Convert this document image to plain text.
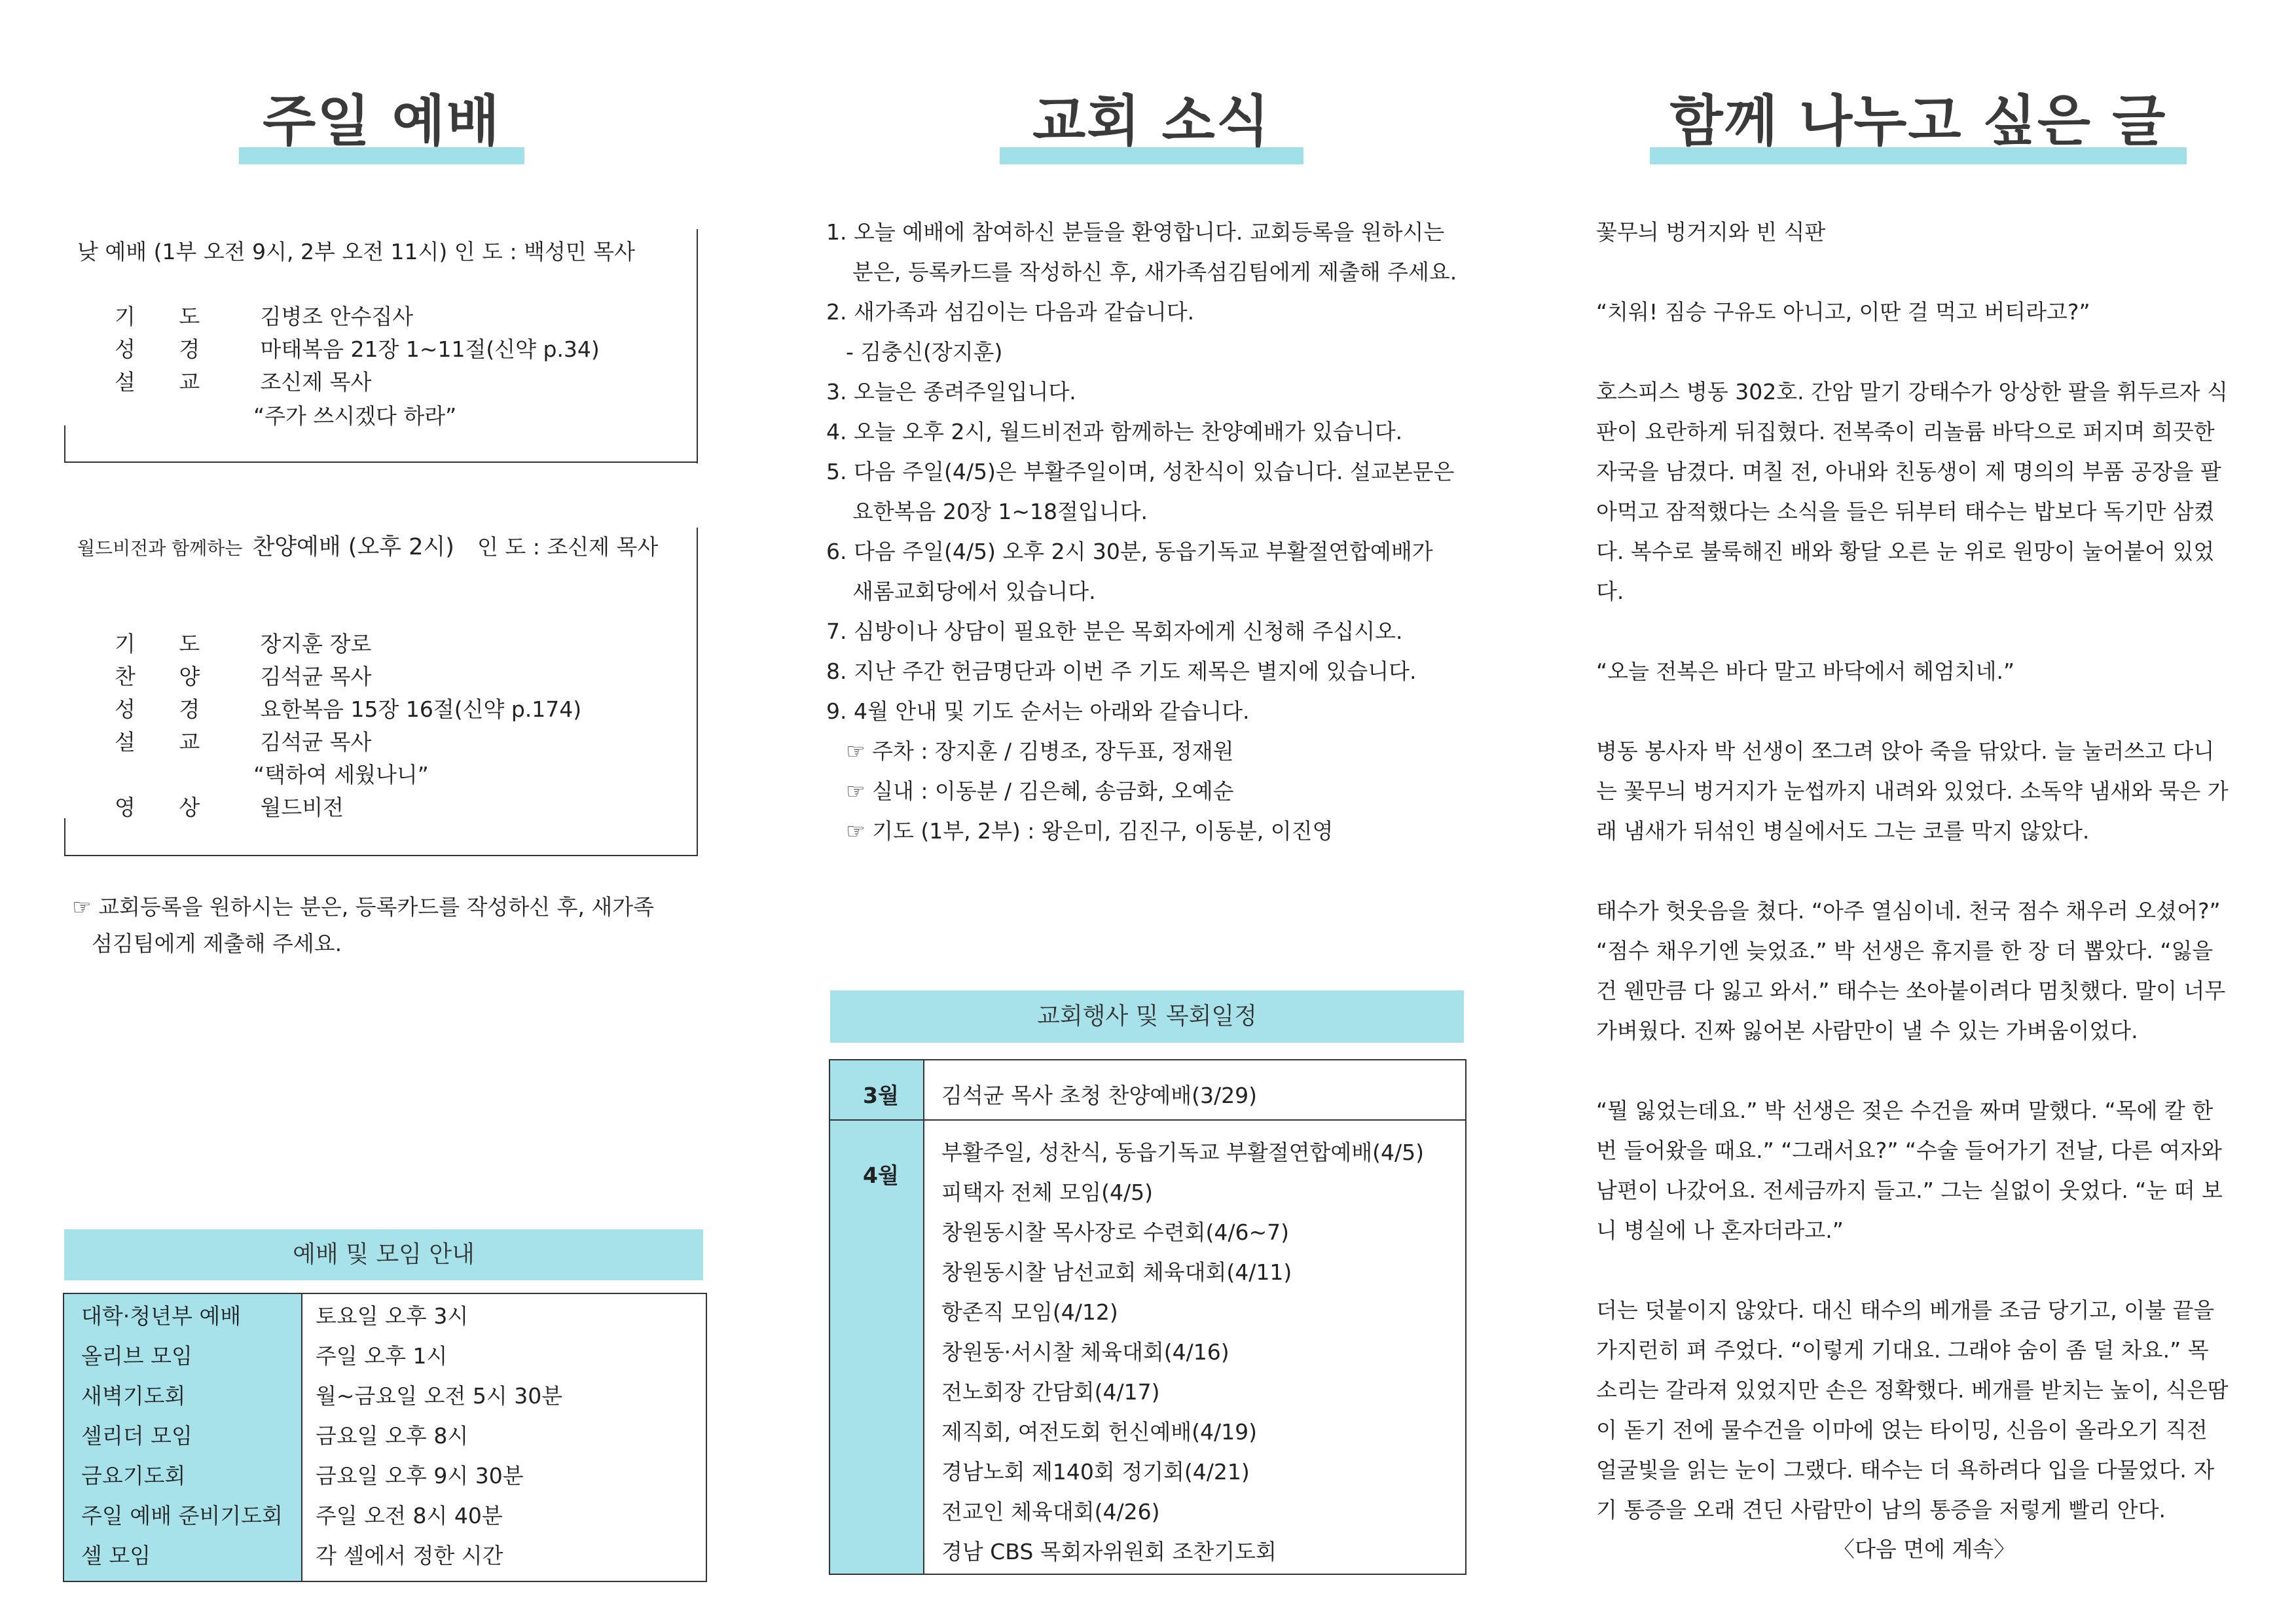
주일 예배
낮 예배 (1부 오전 9시, 2부 오전 11시) 인 도 : 백성민 목사
기 도 김병조 안수집사
성 경 마태복음 21장 1~11절(신약 p.34)
설 교 조신제 목사
“주가 쓰시겠다 하라”
월드비전과 함께하는 찬양예배 (오후 2시) 인 도 : 조신제 목사
기 도 장지훈 장로
찬 양 김석균 목사
성 경 요한복음 15장 16절(신약 p.174)
설 교 김석균 목사
“택하여 세웠나니”
영 상 월드비전
☞ 교회등록을 원하시는 분은, 등록카드를 작성하신 후, 새가족
섬김팀에게 제출해 주세요.
예배 및 모임 안내
대학·청년부 예배	토요일 오후 3시
올리브 모임	주일 오후 1시
새벽기도회	월~금요일 오전 5시 30분
셀리더 모임	금요일 오후 8시
금요기도회	금요일 오후 9시 30분
주일 예배 준비기도회 주일 오전 8시 40분
셀 모임	각 셀에서 정한 시간
교회 소식
1. 오늘 예배에 참여하신 분들을 환영합니다. 교회등록을 원하시는
분은, 등록카드를 작성하신 후, 새가족섬김팀에게 제출해 주세요.
2. 새가족과 섬김이는 다음과 같습니다.
- 김충신(장지훈)
3. 오늘은 종려주일입니다.
4. 오늘 오후 2시, 월드비전과 함께하는 찬양예배가 있습니다.
5. 다음 주일(4/5)은 부활주일이며, 성찬식이 있습니다. 설교본문은
요한복음 20장 1~18절입니다.
6. 다음 주일(4/5) 오후 2시 30분, 동읍기독교 부활절연합예배가
새롬교회당에서 있습니다.
7. 심방이나 상담이 필요한 분은 목회자에게 신청해 주십시오.
8. 지난 주간 헌금명단과 이번 주 기도 제목은 별지에 있습니다.
9. 4월 안내 및 기도 순서는 아래와 같습니다.
☞ 주차 : 장지훈 / 김병조, 장두표, 정재원
☞ 실내 : 이동분 / 김은혜, 송금화, 오예순
☞ 기도 (1부, 2부) : 왕은미, 김진구, 이동분, 이진영
교회행사 및 목회일정
3월 김석균 목사 초청 찬양예배(3/29)
4월
부활주일, 성찬식, 동읍기독교 부활절연합예배(4/5)
피택자 전체 모임(4/5)
창원동시찰 목사장로 수련회(4/6~7)
창원동시찰 남선교회 체육대회(4/11)
항존직 모임(4/12)
창원동·서시찰 체육대회(4/16)
전노회장 간담회(4/17)
제직회, 여전도회 헌신예배(4/19)
경남노회 제140회 정기회(4/21)
전교인 체육대회(4/26)
경남 CBS 목회자위원회 조찬기도회
함께 나누고 싶은 글
꽃무늬 벙거지와 빈 식판
“치워! 짐승 구유도 아니고, 이딴 걸 먹고 버티라고?”
호스피스 병동 302호. 간암 말기 강태수가 앙상한 팔을 휘두르자 식
판이 요란하게 뒤집혔다. 전복죽이 리놀륨 바닥으로 퍼지며 희끗한
자국을 남겼다. 며칠 전, 아내와 친동생이 제 명의의 부품 공장을 팔
아먹고 잠적했다는 소식을 들은 뒤부터 태수는 밥보다 독기만 삼켰
다. 복수로 불룩해진 배와 황달 오른 눈 위로 원망이 눌어붙어 있었
다.
“오늘 전복은 바다 말고 바닥에서 헤엄치네.”
병동 봉사자 박 선생이 쪼그려 앉아 죽을 닦았다. 늘 눌러쓰고 다니
는 꽃무늬 벙거지가 눈썹까지 내려와 있었다. 소독약 냄새와 묵은 가
래 냄새가 뒤섞인 병실에서도 그는 코를 막지 않았다.
태수가 헛웃음을 쳤다. “아주 열심이네. 천국 점수 채우러 오셨어?”
“점수 채우기엔 늦었죠.” 박 선생은 휴지를 한 장 더 뽑았다. “잃을
건 웬만큼 다 잃고 와서.” 태수는 쏘아붙이려다 멈칫했다. 말이 너무
가벼웠다. 진짜 잃어본 사람만이 낼 수 있는 가벼움이었다.
“뭘 잃었는데요.” 박 선생은 젖은 수건을 짜며 말했다. “목에 칼 한
번 들어왔을 때요.” “그래서요?” “수술 들어가기 전날, 다른 여자와
남편이 나갔어요. 전세금까지 들고.” 그는 실없이 웃었다. “눈 떠 보
니 병실에 나 혼자더라고.”
더는 덧붙이지 않았다. 대신 태수의 베개를 조금 당기고, 이불 끝을
가지런히 펴 주었다. “이렇게 기대요. 그래야 숨이 좀 덜 차요.” 목
소리는 갈라져 있었지만 손은 정확했다. 베개를 받치는 높이, 식은땀
이 돋기 전에 물수건을 이마에 얹는 타이밍, 신음이 올라오기 직전
얼굴빛을 읽는 눈이 그랬다. 태수는 더 욕하려다 입을 다물었다. 자
기 통증을 오래 견딘 사람만이 남의 통증을 저렇게 빨리 안다.
〈다음 면에 계속〉
